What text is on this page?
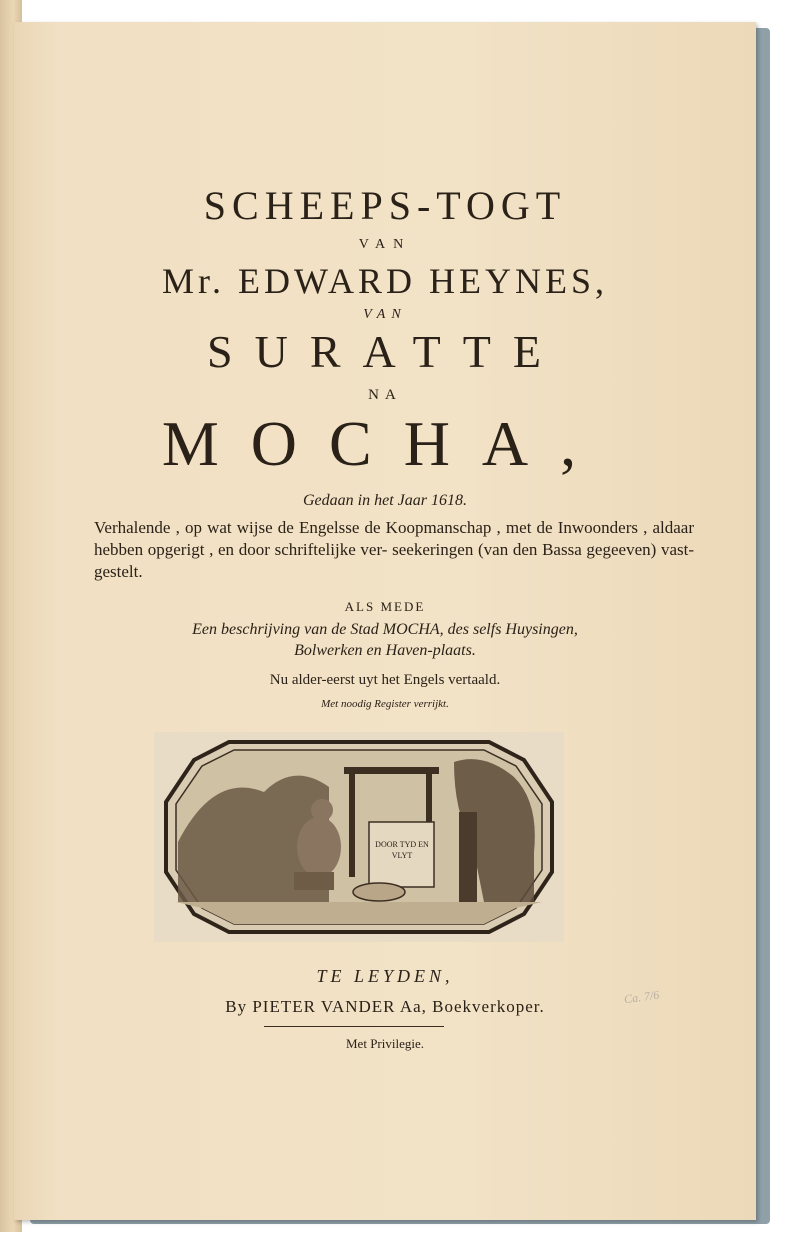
SCHEEPS-TOGT
VAN
Mr. EDWARD HEYNES,
VAN
SURATTE
NA
MOCHA,
Gedaan in het Jaar 1618.
Verhalende , op wat wijse de Engelsse de Koopmanschap , met de Inwoonders , aldaar hebben opgerigt , en door schriftelijke ver- seekeringen (van den Bassa gegeeven) vast-gestelt.
ALS MEDE
Een beschrijving van de Stad MOCHA, des selfs Huysingen,
Bolwerken en Haven-plaats.
Nu alder-eerst uyt het Engels vertaald.
Met noodig Register verrijkt.
DOOR TYD EN
VLYT
TE LEYDEN,
By PIETER VANDER Aa, Boekverkoper.
Met Privilegie.
Ca. 7/6
